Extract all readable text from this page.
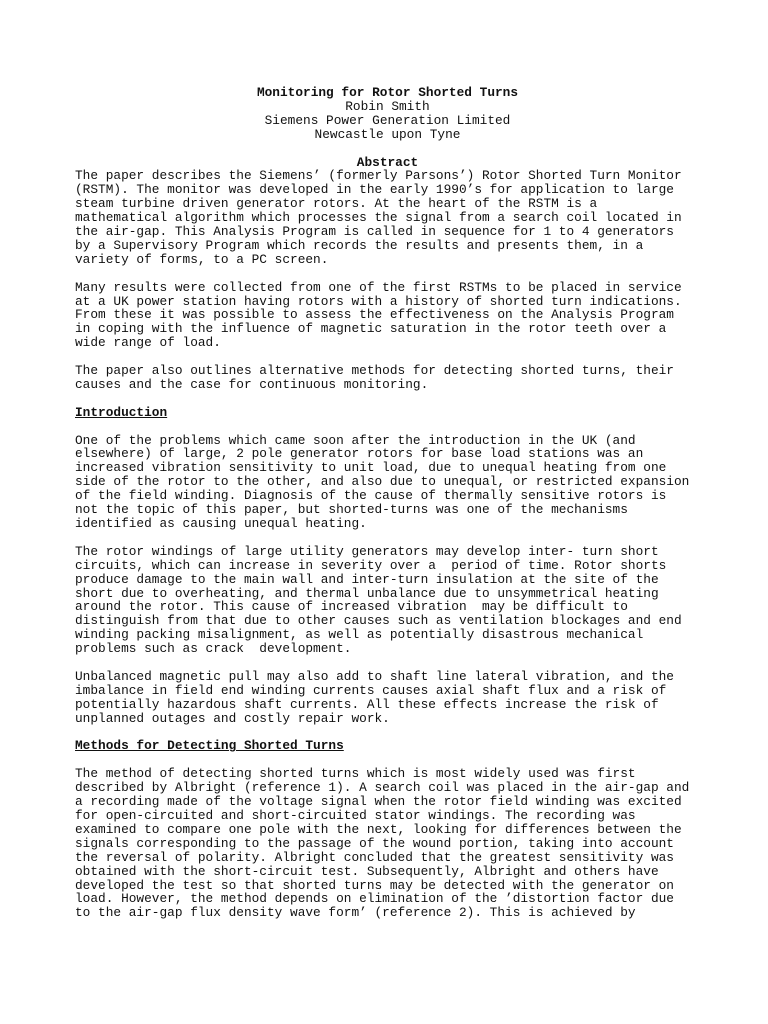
Monitoring for Rotor Shorted Turns
Robin Smith
Siemens Power Generation Limited
Newcastle upon Tyne
Abstract
The paper describes the Siemens’ (formerly Parsons’) Rotor Shorted Turn Monitor
(RSTM). The monitor was developed in the early 1990’s for application to large
steam turbine driven generator rotors. At the heart of the RSTM is a
mathematical algorithm which processes the signal from a search coil located in
the air-gap. This Analysis Program is called in sequence for 1 to 4 generators
by a Supervisory Program which records the results and presents them, in a
variety of forms, to a PC screen.
Many results were collected from one of the first RSTMs to be placed in service
at a UK power station having rotors with a history of shorted turn indications.
From these it was possible to assess the effectiveness on the Analysis Program
in coping with the influence of magnetic saturation in the rotor teeth over a
wide range of load.
The paper also outlines alternative methods for detecting shorted turns, their
causes and the case for continuous monitoring.
Introduction
One of the problems which came soon after the introduction in the UK (and
elsewhere) of large, 2 pole generator rotors for base load stations was an
increased vibration sensitivity to unit load, due to unequal heating from one
side of the rotor to the other, and also due to unequal, or restricted expansion
of the field winding. Diagnosis of the cause of thermally sensitive rotors is
not the topic of this paper, but shorted-turns was one of the mechanisms
identified as causing unequal heating.
The rotor windings of large utility generators may develop inter- turn short
circuits, which can increase in severity over a  period of time. Rotor shorts
produce damage to the main wall and inter-turn insulation at the site of the
short due to overheating, and thermal unbalance due to unsymmetrical heating
around the rotor. This cause of increased vibration  may be difficult to
distinguish from that due to other causes such as ventilation blockages and end
winding packing misalignment, as well as potentially disastrous mechanical
problems such as crack  development.
Unbalanced magnetic pull may also add to shaft line lateral vibration, and the
imbalance in field end winding currents causes axial shaft flux and a risk of
potentially hazardous shaft currents. All these effects increase the risk of
unplanned outages and costly repair work.
Methods for Detecting Shorted Turns
The method of detecting shorted turns which is most widely used was first
described by Albright (reference 1). A search coil was placed in the air-gap and
a recording made of the voltage signal when the rotor field winding was excited
for open-circuited and short-circuited stator windings. The recording was
examined to compare one pole with the next, looking for differences between the
signals corresponding to the passage of the wound portion, taking into account
the reversal of polarity. Albright concluded that the greatest sensitivity was
obtained with the short-circuit test. Subsequently, Albright and others have
developed the test so that shorted turns may be detected with the generator on
load. However, the method depends on elimination of the ’distortion factor due
to the air-gap flux density wave form’ (reference 2). This is achieved by
